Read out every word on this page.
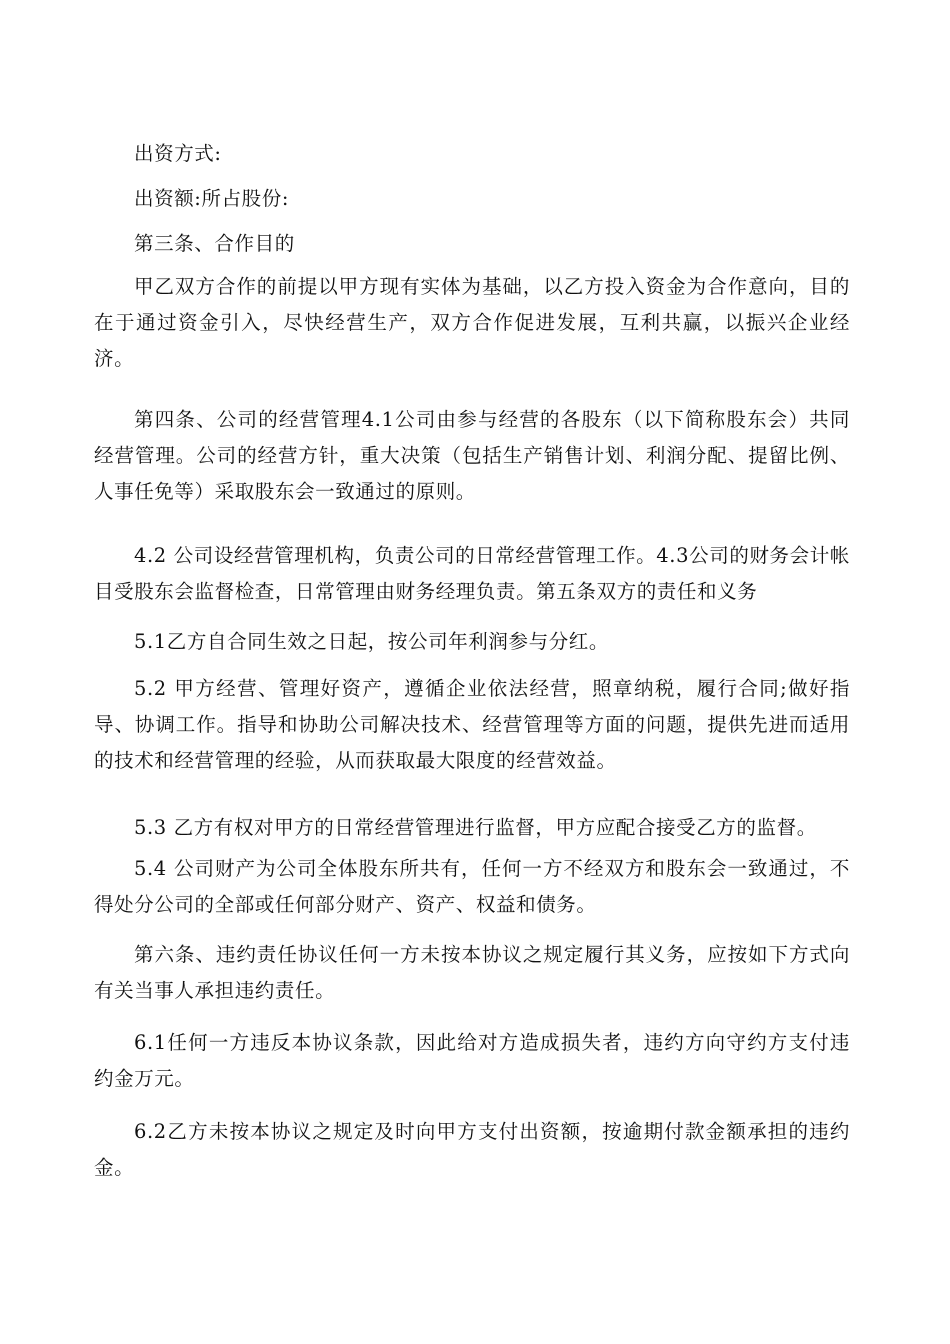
出资方式:

出资额:所占股份:

第三条、合作目的

甲乙双方合作的前提以甲方现有实体为基础，以乙方投入资金为合作意向，目的在于通过资金引入，尽快经营生产，双方合作促进发展，互利共赢，以振兴企业经济。

第四条、公司的经营管理4.1公司由参与经营的各股东（以下简称股东会）共同经营管理。公司的经营方针，重大决策（包括生产销售计划、利润分配、提留比例、人事任免等）采取股东会一致通过的原则。

4.2 公司设经营管理机构，负责公司的日常经营管理工作。4.3公司的财务会计帐目受股东会监督检查，日常管理由财务经理负责。第五条双方的责任和义务

5.1乙方自合同生效之日起，按公司年利润参与分红。

5.2 甲方经营、管理好资产，遵循企业依法经营，照章纳税，履行合同;做好指导、协调工作。指导和协助公司解决技术、经营管理等方面的问题，提供先进而适用的技术和经营管理的经验，从而获取最大限度的经营效益。

5.3 乙方有权对甲方的日常经营管理进行监督，甲方应配合接受乙方的监督。

5.4 公司财产为公司全体股东所共有，任何一方不经双方和股东会一致通过，不得处分公司的全部或任何部分财产、资产、权益和债务。

第六条、违约责任协议任何一方未按本协议之规定履行其义务，应按如下方式向有关当事人承担违约责任。

6.1任何一方违反本协议条款，因此给对方造成损失者，违约方向守约方支付违约金万元。

6.2乙方未按本协议之规定及时向甲方支付出资额，按逾期付款金额承担的违约金。
